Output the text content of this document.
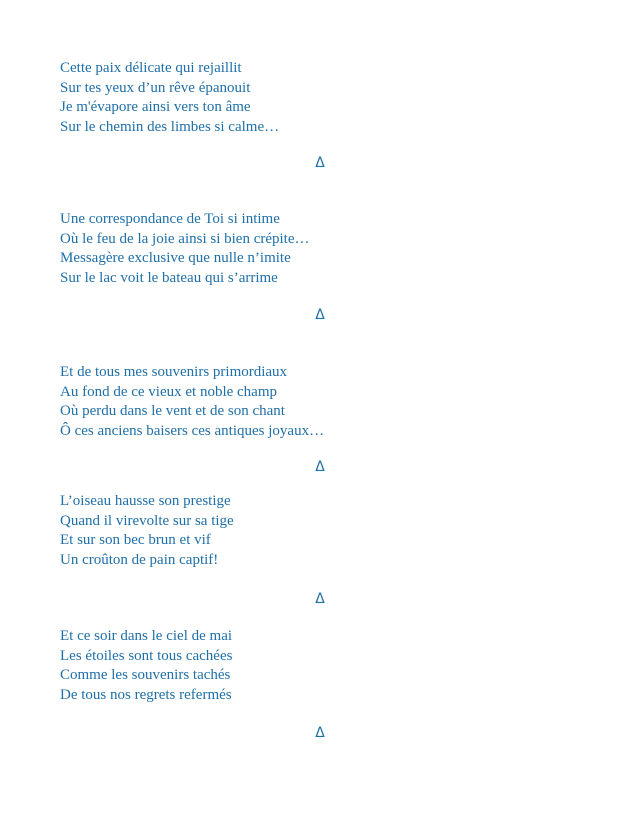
Cette paix délicate qui rejaillit
Sur tes yeux d’un rêve épanouit
Je m'évapore ainsi vers ton âme
Sur le chemin des limbes si calme…
Δ
Une correspondance de Toi si intime
Où le feu de la joie ainsi si bien crépite…
Messagère exclusive que nulle n’imite
Sur le lac voit le bateau qui s’arrime
Δ
Et de tous mes souvenirs primordiaux
Au fond de ce vieux et noble champ
Où perdu dans le vent et de son chant
Ô ces anciens baisers ces antiques joyaux…
Δ
L’oiseau hausse son prestige
Quand il virevolte sur sa tige
Et sur son bec brun et vif
Un croûton de pain captif!
Δ
Et ce soir dans le ciel de mai
Les étoiles sont tous cachées
Comme les souvenirs tachés
De tous nos regrets refermés
Δ
